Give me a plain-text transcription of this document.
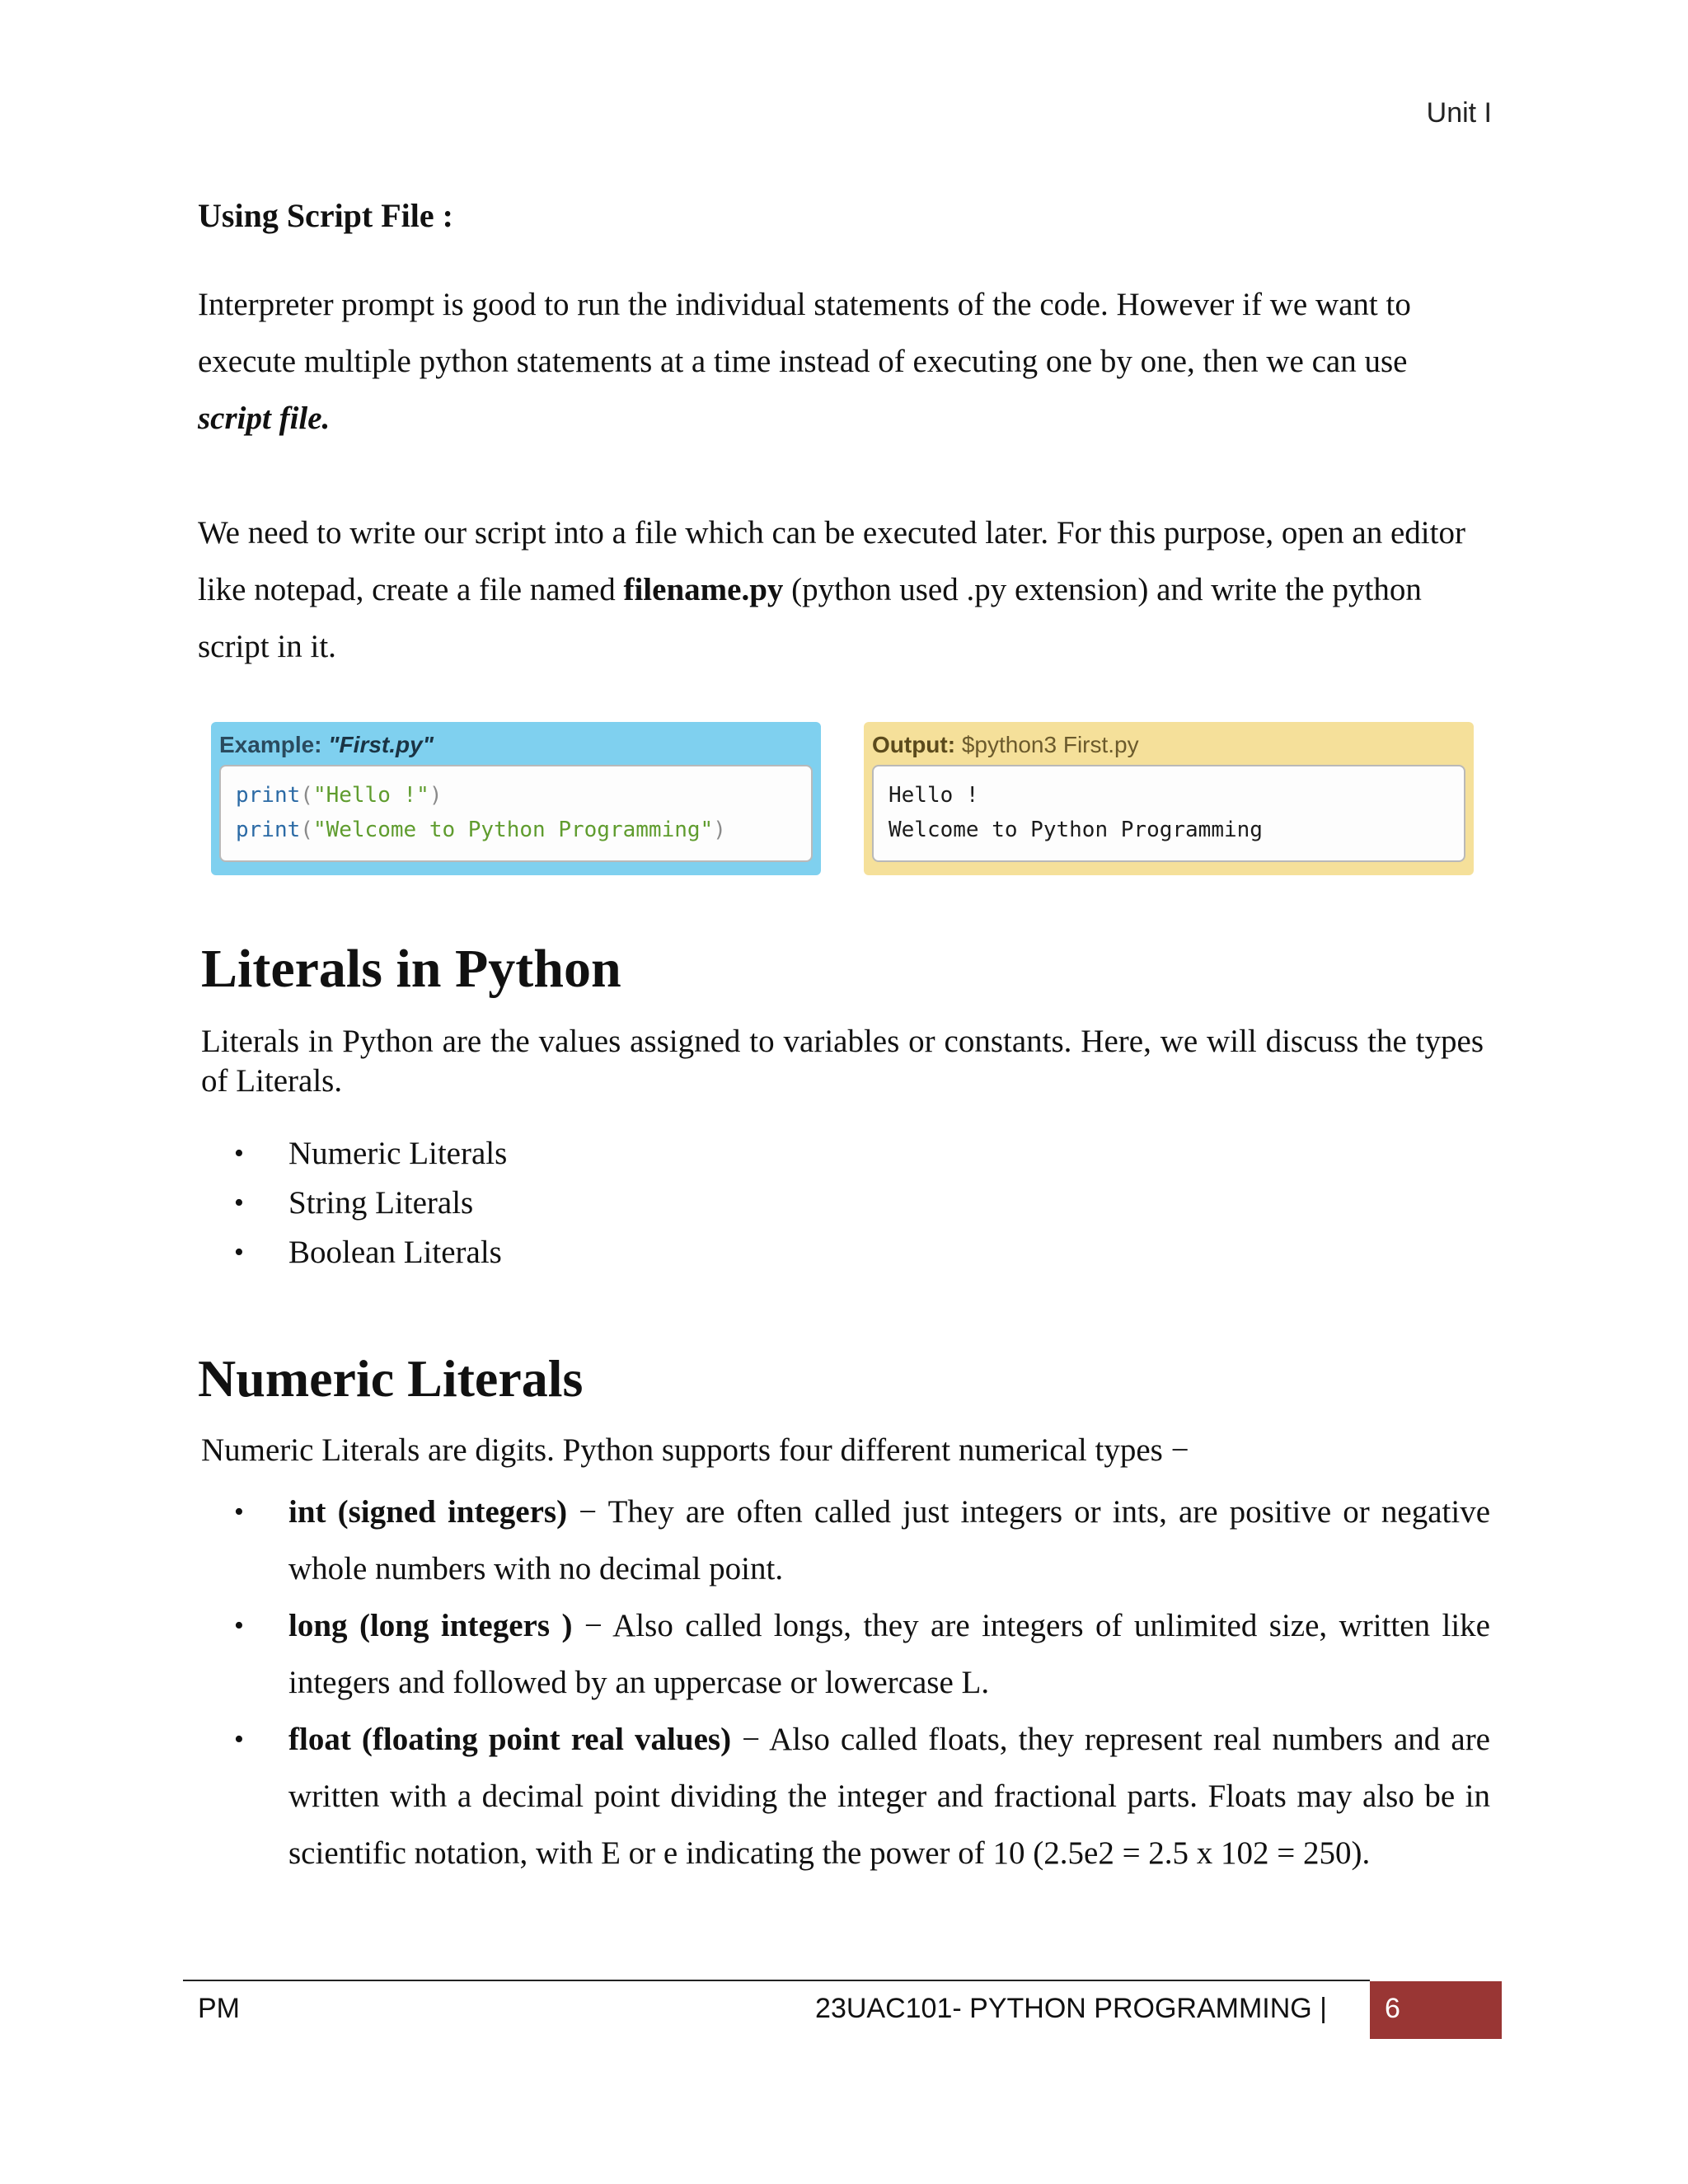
Unit I
Using Script File :
Interpreter prompt is good to run the individual statements of the code. However if we want to execute multiple python statements at a time instead of executing one by one, then we can use script file.
We need to write our script into a file which can be executed later. For this purpose, open an editor like notepad, create a file named filename.py (python used .py extension) and write the python script in it.
Example: "First.py"
print("Hello !")
print("Welcome to Python Programming")
Output: $python3 First.py
Hello !
Welcome to Python Programming
Literals in Python
Literals in Python are the values assigned to variables or constants. Here, we will discuss the types of Literals.
• Numeric Literals
• String Literals
• Boolean Literals
Numeric Literals
Numeric Literals are digits. Python supports four different numerical types −
• int (signed integers) − They are often called just integers or ints, are positive or negative whole numbers with no decimal point.
• long (long integers ) − Also called longs, they are integers of unlimited size, written like integers and followed by an uppercase or lowercase L.
• float (floating point real values) − Also called floats, they represent real numbers and are written with a decimal point dividing the integer and fractional parts. Floats may also be in scientific notation, with E or e indicating the power of 10 (2.5e2 = 2.5 x 102 = 250).
PM	23UAC101- PYTHON PROGRAMMING |	6
